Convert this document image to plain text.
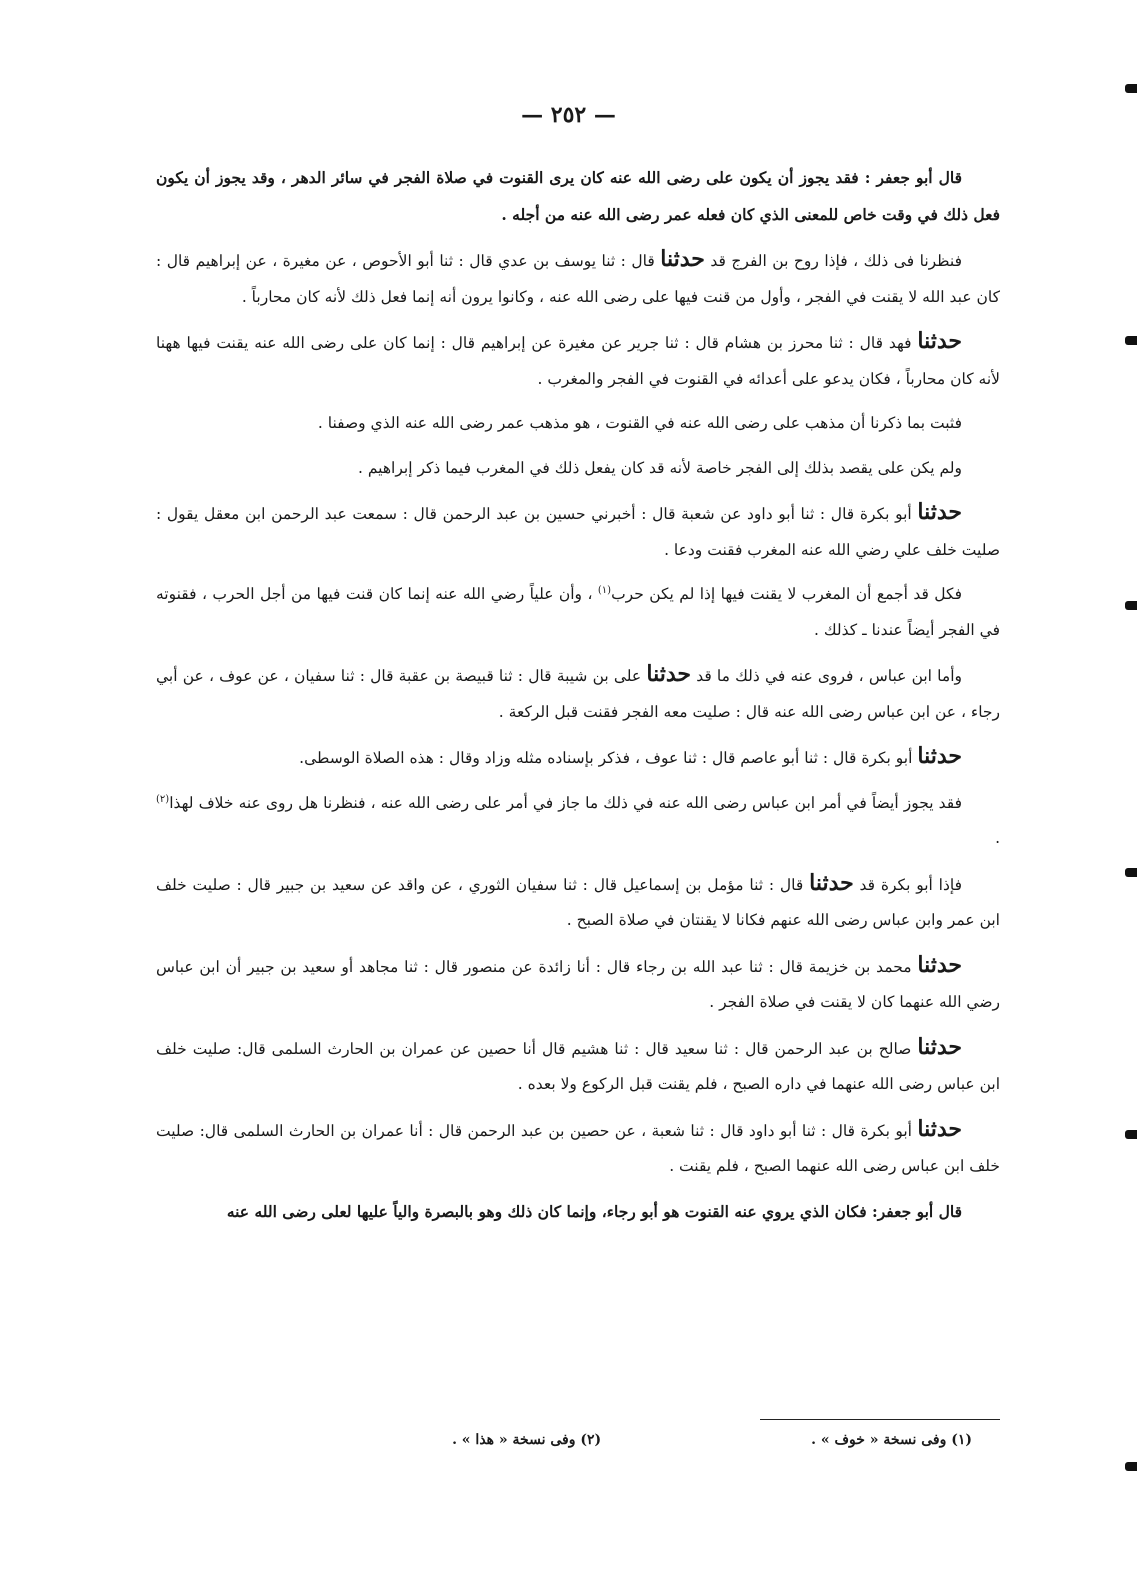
— ٢٥٢ —

قال أبو جعفر : فقد يجوز أن يكون على رضى الله عنه كان يرى القنوت في صلاة الفجر في سائر الدهر ، وقد يجوز أن يكون فعل ذلك في وقت خاص للمعنى الذي كان فعله عمر رضى الله عنه من أجله .

فنظرنا فى ذلك ، فإذا روح بن الفرج قد حدثنا قال : ثنا يوسف بن عدي قال : ثنا أبو الأحوص ، عن مغيرة ، عن إبراهيم قال : كان عبد الله لا يقنت في الفجر ، وأول من قنت فيها على رضى الله عنه ، وكانوا يرون أنه إنما فعل ذلك لأنه كان محارباً .

حدثنا فهد قال : ثنا محرز بن هشام قال : ثنا جرير عن مغيرة عن إبراهيم قال : إنما كان على رضى الله عنه يقنت فيها ههنا لأنه كان محارباً ، فكان يدعو على أعدائه في القنوت في الفجر والمغرب .

فثبت بما ذكرنا أن مذهب على رضى الله عنه في القنوت ، هو مذهب عمر رضى الله عنه الذي وصفنا .

ولم يكن على يقصد بذلك إلى الفجر خاصة لأنه قد كان يفعل ذلك في المغرب فيما ذكر إبراهيم .

حدثنا أبو بكرة قال : ثنا أبو داود عن شعبة قال : أخبرني حسين بن عبد الرحمن قال : سمعت عبد الرحمن ابن معقل يقول : صليت خلف علي رضي الله عنه المغرب فقنت ودعا .

فكل قد أجمع أن المغرب لا يقنت فيها إذا لم يكن حرب$^{(١)}$ ، وأن علياً رضي الله عنه إنما كان قنت فيها من أجل الحرب ، فقنوته في الفجر أيضاً عندنا ـ كذلك .

وأما ابن عباس ، فروى عنه في ذلك ما قد حدثنا على بن شيبة قال : ثنا قبيصة بن عقبة قال : ثنا سفيان ، عن عوف ، عن أبي رجاء ، عن ابن عباس رضى الله عنه قال : صليت معه الفجر فقنت قبل الركعة .

حدثنا أبو بكرة قال : ثنا أبو عاصم قال : ثنا عوف ، فذكر بإسناده مثله وزاد وقال : هذه الصلاة الوسطى.

فقد يجوز أيضاً في أمر ابن عباس رضى الله عنه في ذلك ما جاز في أمر على رضى الله عنه ، فنظرنا هل روى عنه خلاف لهذا$^{(٢)}$ .

فإذا أبو بكرة قد حدثنا قال : ثنا مؤمل بن إسماعيل قال : ثنا سفيان الثوري ، عن واقد عن سعيد بن جبير قال : صليت خلف ابن عمر وابن عباس رضى الله عنهم فكانا لا يقنتان في صلاة الصبح .

حدثنا محمد بن خزيمة قال : ثنا عبد الله بن رجاء قال : أنا زائدة عن منصور قال : ثنا مجاهد أو سعيد بن جبير أن ابن عباس رضي الله عنهما كان لا يقنت في صلاة الفجر .

حدثنا صالح بن عبد الرحمن قال : ثنا سعيد قال : ثنا هشيم قال أنا حصين عن عمران بن الحارث السلمى قال: صليت خلف ابن عباس رضى الله عنهما في داره الصبح ، فلم يقنت قبل الركوع ولا بعده .

حدثنا أبو بكرة قال : ثنا أبو داود قال : ثنا شعبة ، عن حصين بن عبد الرحمن قال : أنا عمران بن الحارث السلمى قال: صليت خلف ابن عباس رضى الله عنهما الصبح ، فلم يقنت .

قال أبو جعفر: فكان الذي يروي عنه القنوت هو أبو رجاء، وإنما كان ذلك وهو بالبصرة والياً عليها لعلى رضى الله عنه

(١) وفى نسخة « خوف » .
(٢) وفى نسخة « هذا » .
